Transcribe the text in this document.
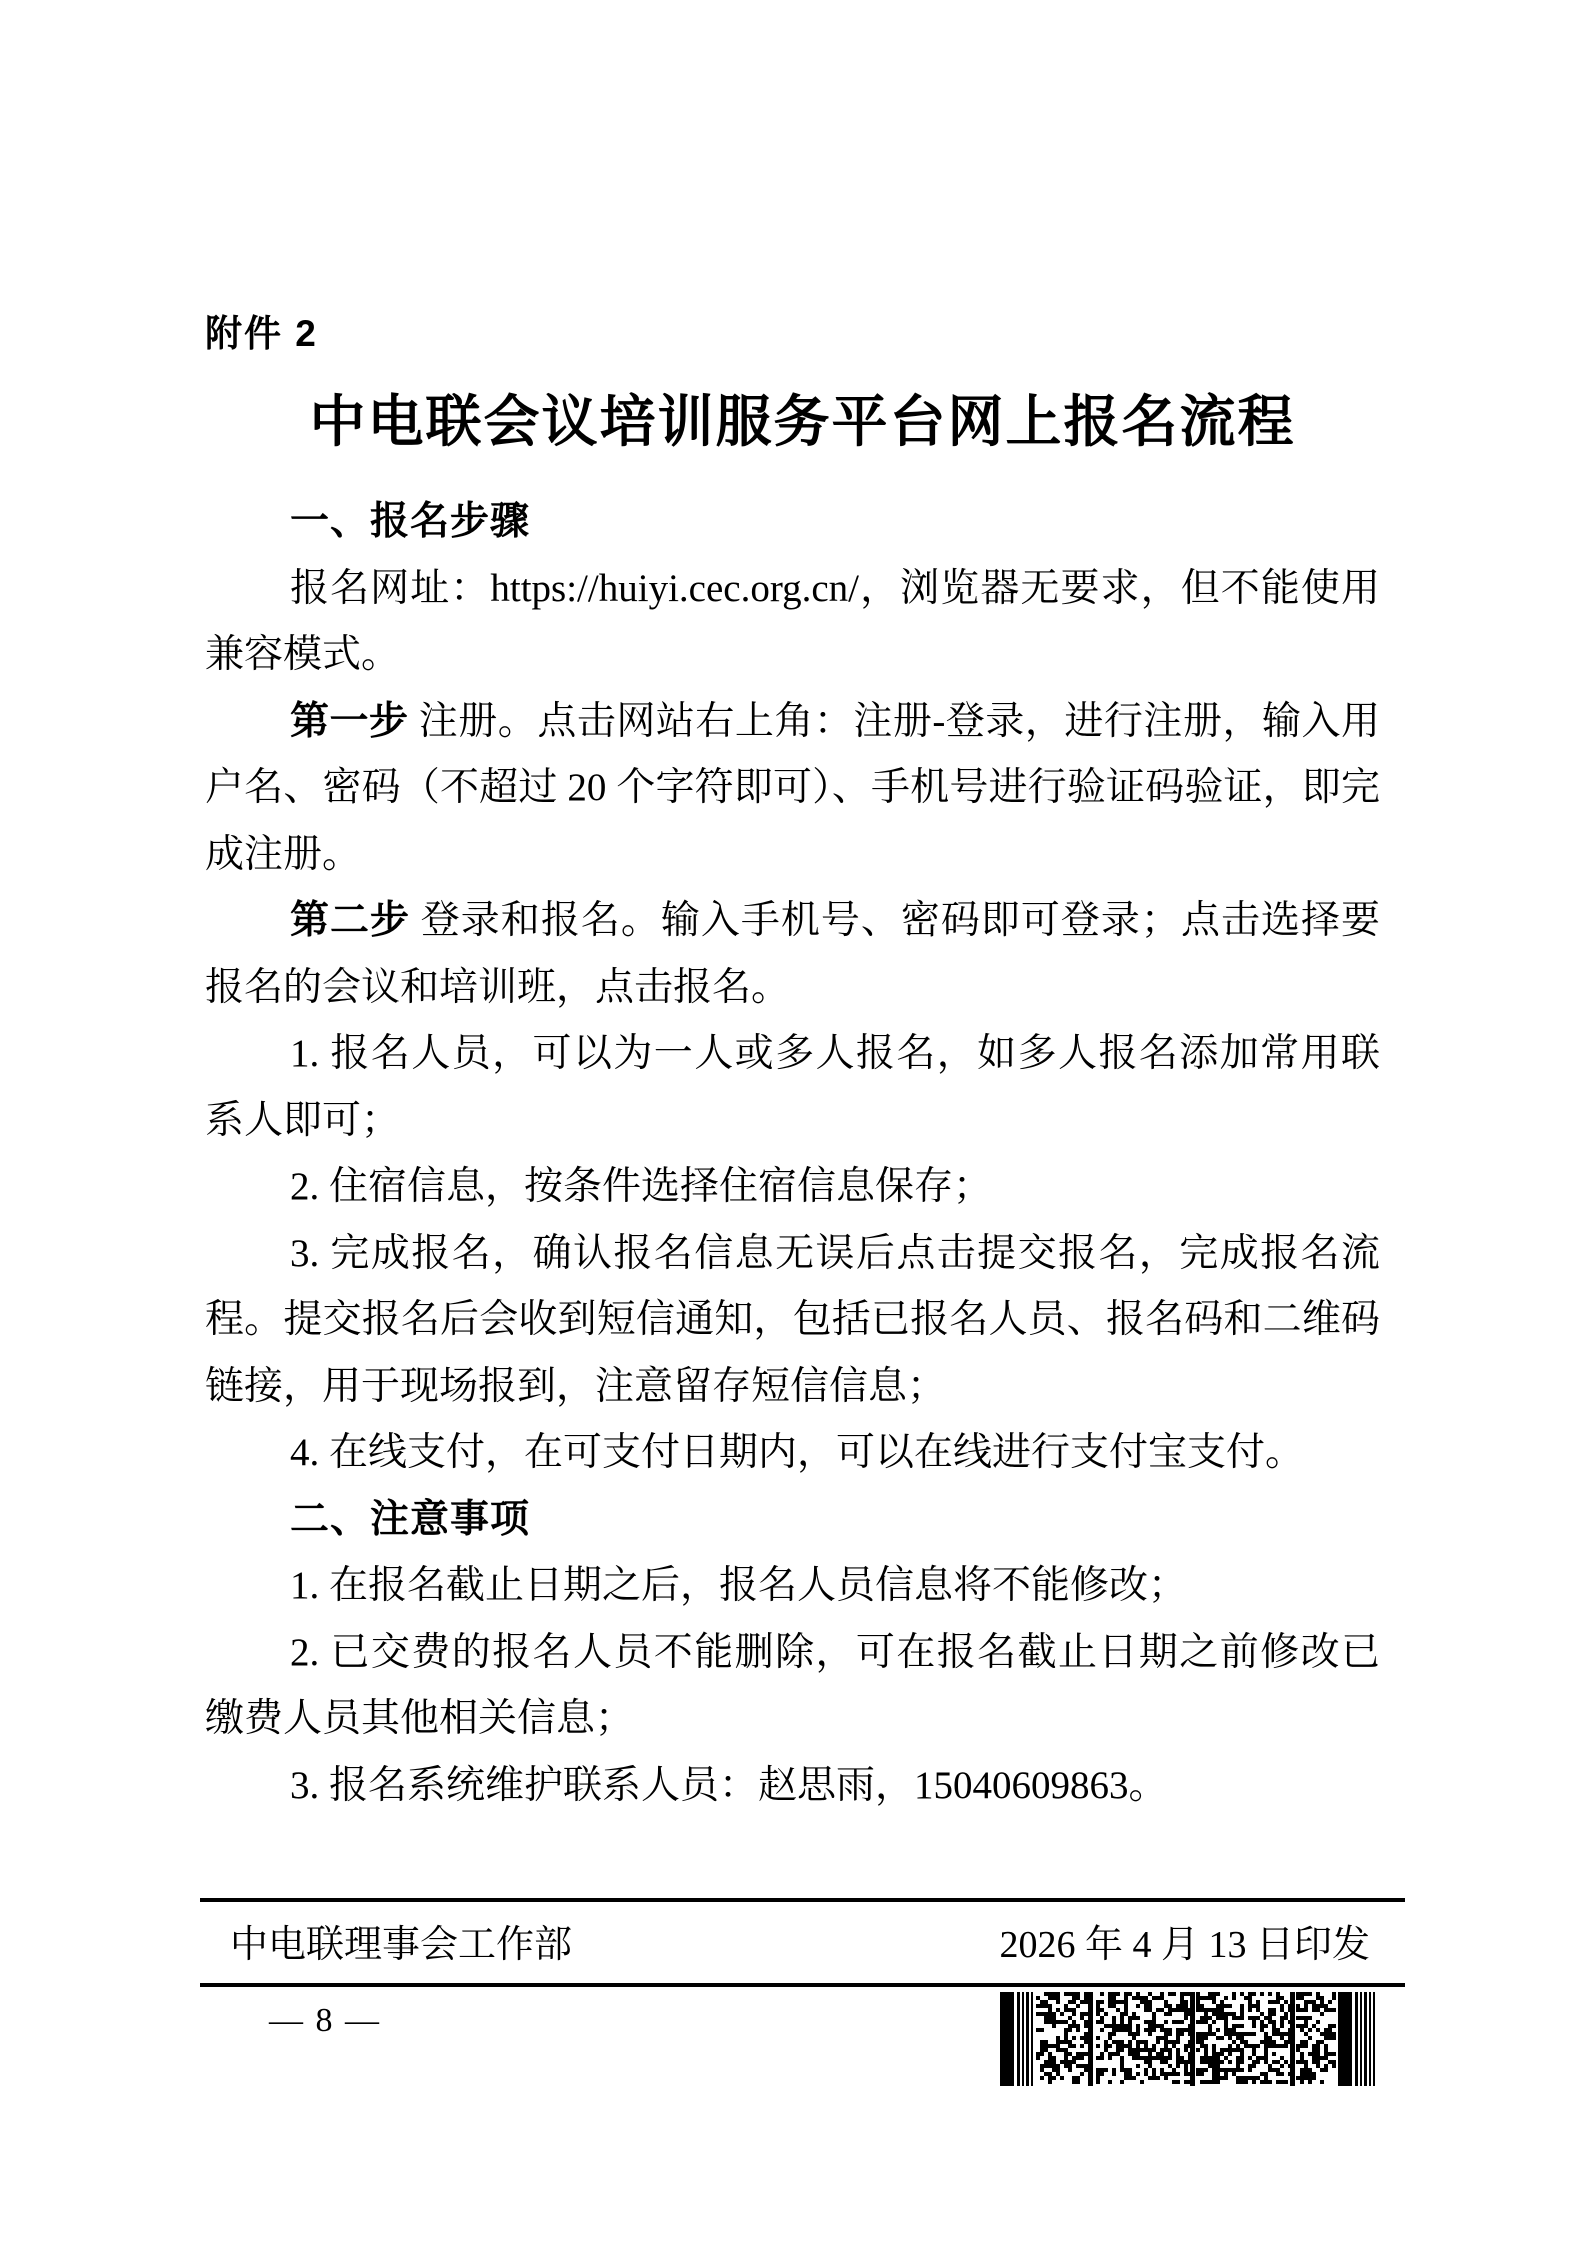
附件 2
中电联会议培训服务平台网上报名流程

一、报名步骤

报名网址：https://huiyi.cec.org.cn/，浏览器无要求，但不能使用兼容模式。

第一步 注册。点击网站右上角：注册-登录，进行注册，输入用户名、密码（不超过 20 个字符即可）、手机号进行验证码验证，即完成注册。

第二步 登录和报名。输入手机号、密码即可登录；点击选择要报名的会议和培训班，点击报名。

1. 报名人员，可以为一人或多人报名，如多人报名添加常用联系人即可；

2. 住宿信息，按条件选择住宿信息保存；

3. 完成报名，确认报名信息无误后点击提交报名，完成报名流程。提交报名后会收到短信通知，包括已报名人员、报名码和二维码链接，用于现场报到，注意留存短信信息；

4. 在线支付，在可支付日期内，可以在线进行支付宝支付。

二、注意事项

1. 在报名截止日期之后，报名人员信息将不能修改；

2. 已交费的报名人员不能删除，可在报名截止日期之前修改已缴费人员其他相关信息；

3. 报名系统维护联系人员：赵思雨，15040609863。

中电联理事会工作部	2026 年 4 月 13 日印发
— 8 —
